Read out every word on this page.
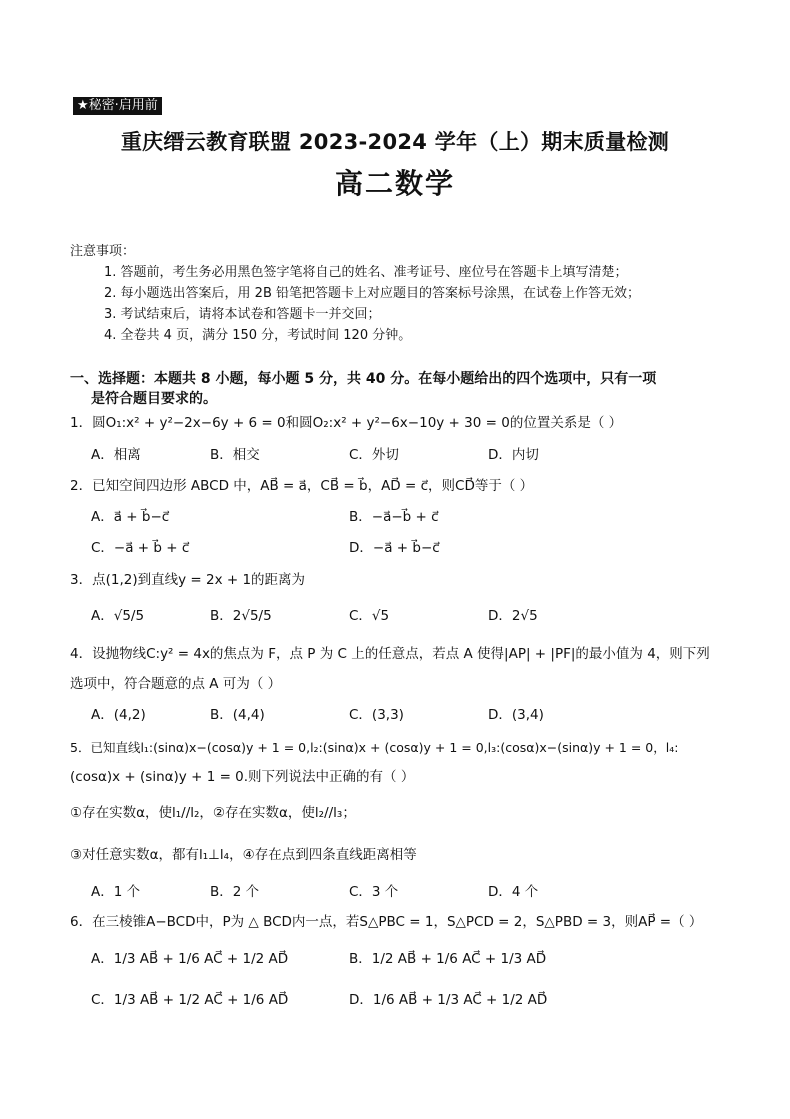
★秘密·启用前
重庆缙云教育联盟 2023-2024 学年（上）期末质量检测
高二数学
注意事项：
1. 答题前，考生务必用黑色签字笔将自己的姓名、准考证号、座位号在答题卡上填写清楚；
2. 每小题选出答案后，用 2B 铅笔把答题卡上对应题目的答案标号涂黑，在试卷上作答无效；
3. 考试结束后，请将本试卷和答题卡一并交回；
4. 全卷共 4 页，满分 150 分，考试时间 120 分钟。
一、选择题：本题共 8 小题，每小题 5 分，共 40 分。在每小题给出的四个选项中，只有一项
是符合题目要求的。
1．圆O₁:x² + y²−2x−6y + 6 = 0和圆O₂:x² + y²−6x−10y + 30 = 0的位置关系是（ ）
A．相离	B．相交	C．外切	D．内切
2．已知空间四边形 ABCD 中，AB⃗ = a⃗，CB⃗ = b⃗，AD⃗ = c⃗，则CD⃗等于（ ）
A．a⃗ + b⃗−c⃗	B．−a⃗−b⃗ + c⃗
C．−a⃗ + b⃗ + c⃗	D．−a⃗ + b⃗−c⃗
3．点(1,2)到直线y = 2x + 1的距离为
A．√5/5	B．2√5/5	C．√5	D．2√5
4．设抛物线C:y² = 4x的焦点为 F，点 P 为 C 上的任意点，若点 A 使得|AP| + |PF|的最小值为 4，则下列
选项中，符合题意的点 A 可为（ ）
A．(4,2)	B．(4,4)	C．(3,3)	D．(3,4)
5．已知直线l₁:(sinα)x−(cosα)y + 1 = 0,l₂:(sinα)x + (cosα)y + 1 = 0,l₃:(cosα)x−(sinα)y + 1 = 0，l₄:
(cosα)x + (sinα)y + 1 = 0.则下列说法中正确的有（ ）
①存在实数α，使l₁//l₂，②存在实数α，使l₂//l₃；
③对任意实数α，都有l₁⊥l₄，④存在点到四条直线距离相等
A．1 个	B．2 个	C．3 个	D．4 个
6．在三棱锥A−BCD中，P为 △ BCD内一点，若S△PBC = 1，S△PCD = 2，S△PBD = 3，则AP⃗ =（ ）
A．1/3 AB⃗ + 1/6 AC⃗ + 1/2 AD⃗	B．1/2 AB⃗ + 1/6 AC⃗ + 1/3 AD⃗
C．1/3 AB⃗ + 1/2 AC⃗ + 1/6 AD⃗	D．1/6 AB⃗ + 1/3 AC⃗ + 1/2 AD⃗
